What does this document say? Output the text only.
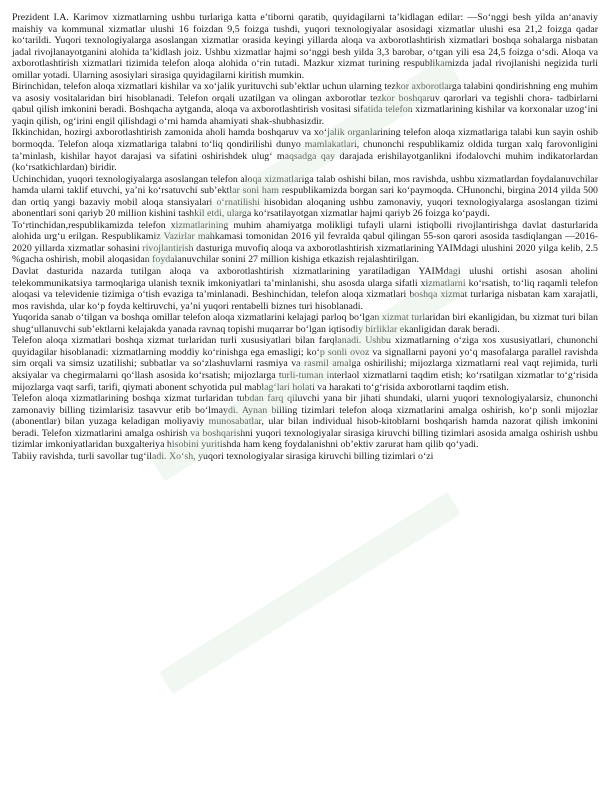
Prezident I.A. Karimov xizmatlarning ushbu turlariga katta e’tiborni qaratib, quyidagilarni ta’kidlagan edilar: —So‘nggi besh yilda an‘anaviy maishiy va kommunal xizmatlar ulushi 16 foizdan 9,5 foizga tushdi, yuqori texnologiyalar asosidagi xizmatlar ulushi esa 21,2 foizga qadar ko‘tarildi. Yuqori texnologiyalarga asoslangan xizmatlar orasida keyingi yillarda aloqa va axborotlashtirish xizmatlari boshqa sohalarga nisbatan jadal rivojlanayotganini alohida ta’kidlash joiz. Ushbu xizmatlar hajmi so‘nggi besh yilda 3,3 barobar, o‘tgan yili esa 24,5 foizga o‘sdi. Aloqa va axborotlashtirish xizmatlari tizimida telefon aloqa alohida o‘rin tutadi. Mazkur xizmat turining respublikamizda jadal rivojlanishi negizida turli omillar yotadi. Ularning asosiylari sirasiga quyidagilarni kiritish mumkin.

Birinchidan, telefon aloqa xizmatlari kishilar va xo‘jalik yurituvchi sub’ektlar uchun ularning tezkor axborotlarga talabini qondirishning eng muhim va asosiy vositalaridan biri hisoblanadi. Telefon orqali uzatilgan va olingan axborotlar tezkor boshqaruv qarorlari va tegishli chora- tadbirlarni qabul qilish imkonini beradi. Boshqacha aytganda, aloqa va axborotlashtirish vositasi sifatida telefon xizmatlarining kishilar va korxonalar uzog‘ini yaqin qilish, og‘irini engil qilishdagi o‘rni hamda ahamiyati shak-shubhasizdir.

Ikkinchidan, hozirgi axborotlashtirish zamonida aholi hamda boshqaruv va xo‘jalik organlarining telefon aloqa xizmatlariga talabi kun sayin oshib bormoqda. Telefon aloqa xizmatlariga talabni to‘liq qondirilishi dunyo mamlakatlari, chunonchi respublikamiz oldida turgan xalq farovonligini ta’minlash, kishilar hayot darajasi va sifatini oshirishdek ulug‘ maqsadga qay darajada erishilayotganlikni ifodalovchi muhim indikatorlardan (ko‘rsatkichlardan) biridir.

Uchinchidan, yuqori texnologiyalarga asoslangan telefon aloqa xizmatlariga talab oshishi bilan, mos ravishda, ushbu xizmatlardan foydalanuvchilar hamda ularni taklif etuvchi, ya’ni ko‘rsatuvchi sub’ektlar soni ham respublikamizda borgan sari ko‘paymoqda. CHunonchi, birgina 2014 yilda 500 dan ortiq yangi bazaviy mobil aloqa stansiyalari o‘rnatilishi hisobidan aloqaning ushbu zamonaviy, yuqori texnologiyalarga asoslangan tizimi abonentlari soni qariyb 20 million kishini tashkil etdi, ularga ko‘rsatilayotgan xizmatlar hajmi qariyb 26 foizga ko‘paydi.

To‘rtinchidan,respublikamizda telefon xizmatlarining muhim ahamiyatga molikligi tufayli ularni istiqbolli rivojlantirishga davlat dasturlarida alohida urg‘u erilgan. Respublikamiz Vazirlar mahkamasi tomonidan 2016 yil fevralda qabul qilingan 55-son qarori asosida tasdiqlangan —2016-2020 yillarda xizmatlar sohasini rivojlantirish dasturiga muvofiq aloqa va axborotlashtirish xizmatlarining YAIMdagi ulushini 2020 yilga kelib, 2.5 %gacha oshirish, mobil aloqasidan foydalanuvchilar sonini 27 million kishiga etkazish rejalashtirilgan.

Davlat dasturida nazarda tutilgan aloqa va axborotlashtirish xizmatlarining yaratiladigan YAIMdagi ulushi ortishi asosan aholini telekommunikatsiya tarmoqlariga ulanish texnik imkoniyatlari ta’minlanishi, shu asosda ularga sifatli xizmatlarni ko‘rsatish, to‘liq raqamli telefon aloqasi va televidenie tizimiga o‘tish evaziga ta’minlanadi. Beshinchidan, telefon aloqa xizmatlari boshqa xizmat turlariga nisbatan kam xarajatli, mos ravishda, ular ko‘p foyda keltiruvchi, ya’ni yuqori rentabelli biznes turi hisoblanadi.

Yuqorida sanab o‘tilgan va boshqa omillar telefon aloqa xizmatlarini kelajagi parloq bo‘lgan xizmat turlaridan biri ekanligidan, bu xizmat turi bilan shug‘ullanuvchi sub’ektlarni kelajakda yanada ravnaq topishi muqarrar bo‘lgan iqtisodiy birliklar ekanligidan darak beradi.

Telefon aloqa xizmatlari boshqa xizmat turlaridan turli xususiyatlari bilan farqlanadi. Ushbu xizmatlarning o‘ziga xos xususiyatlari, chunonchi quyidagilar hisoblanadi: xizmatlarning moddiy ko‘rinishga ega emasligi; ko‘p sonli ovoz va signallarni payoni yo‘q masofalarga parallel ravishda sim orqali va simsiz uzatilishi; subbatlar va so‘zlashuvlarni rasmiya va rasmil amalga oshirilishi; mijozlarga xizmatlarni real vaqt rejimida, turli aksiyalar va chegirmalarni qo‘llash asosida ko‘rsatish; mijozlarga turli-tuman interlaol xizmatlarni taqdim etish; ko‘rsatilgan xizmatlar to‘g‘risida mijozlarga vaqt sarfi, tarifi, qiymati abonent schyotida pul mablag‘lari holati va harakati to‘g‘risida axborotlarni taqdim etish.

Telefon aloqa xizmatlarining boshqa xizmat turlaridan tubdan farq qiluvchi yana bir jihati shundaki, ularni yuqori texnologiyalarsiz, chunonchi zamonaviy billing tizimlarisiz tasavvur etib bo‘lmaydi. Aynan billing tizimlari telefon aloqa xizmatlarini amalga oshirish, ko‘p sonli mijozlar (abonentlar) bilan yuzaga keladigan moliyaviy munosabatlar, ular bilan individual hisob-kitoblarni boshqarish hamda nazorat qilish imkonini beradi. Telefon xizmatlarini amalga oshirish va boshqarishni yuqori texnologiyalar sirasiga kiruvchi billing tizimlari asosida amalga oshirish ushbu tizimlar imkoniyatlaridan buxgalteriya hisobini yuritishda ham keng foydalanishni ob’ektiv zarurat ham qilib qo‘yadi.

Tabiiy ravishda, turli savollar tug‘iladi. Xo‘sh, yuqori texnologiyalar sirasiga kiruvchi billing tizimlari o‘zi
